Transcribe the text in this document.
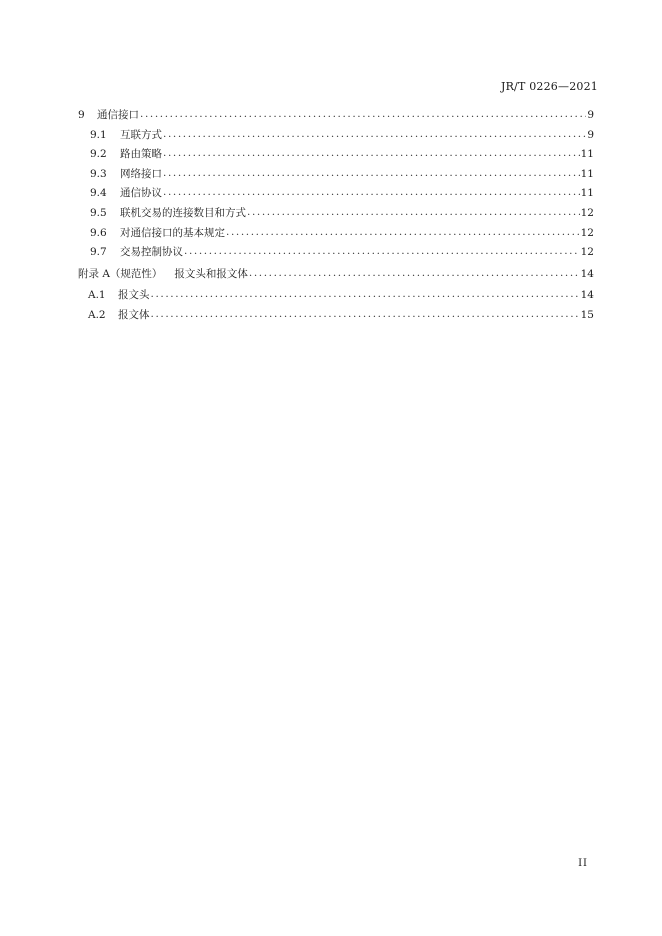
JR/T 0226—2021
9	通信接口 .....	9
9.1	互联方式 .....	9
9.2	路由策略 .....	11
9.3	网络接口 .....	11
9.4	通信协议 .....	11
9.5	联机交易的连接数目和方式 .....	12
9.6	对通信接口的基本规定 .....	12
9.7	交易控制协议 .....	12
附录 A（规范性） 报文头和报文体 .....	14
A.1	报文头 .....	14
A.2	报文体 .....	15
II
